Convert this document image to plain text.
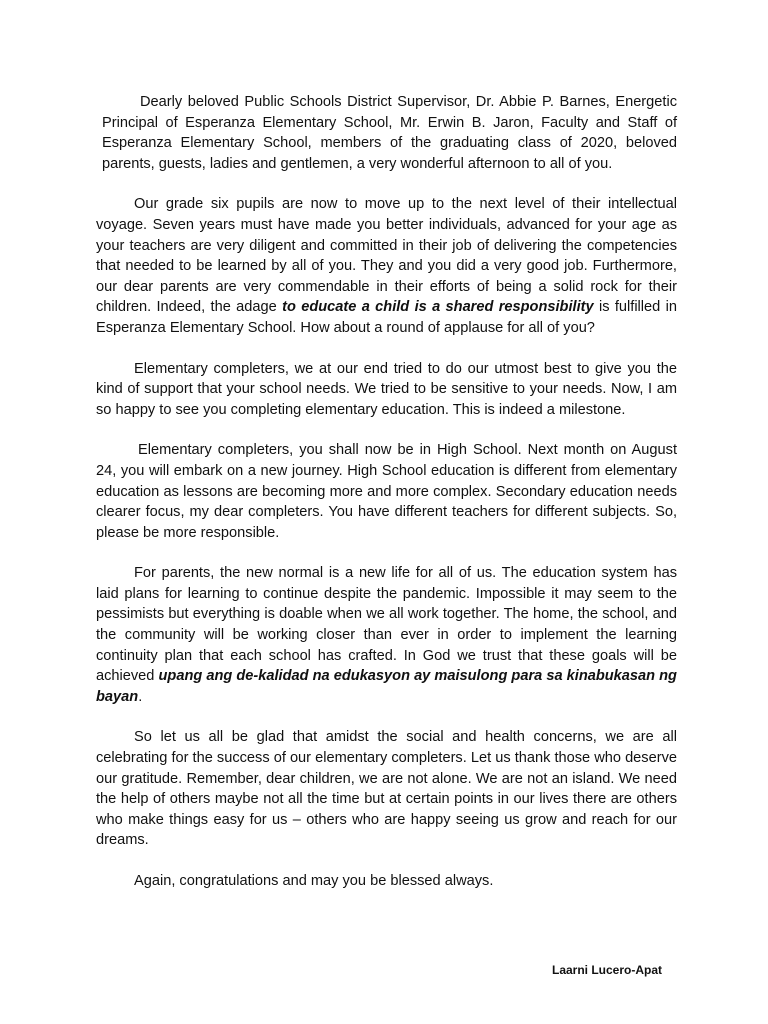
Dearly beloved Public Schools District Supervisor, Dr. Abbie P. Barnes, Energetic Principal of Esperanza Elementary School, Mr. Erwin B. Jaron, Faculty and Staff of Esperanza Elementary School, members of the graduating class of 2020, beloved parents, guests, ladies and gentlemen, a very wonderful afternoon to all of you.

Our grade six pupils are now to move up to the next level of their intellectual voyage. Seven years must have made you better individuals, advanced for your age as your teachers are very diligent and committed in their job of delivering the competencies that needed to be learned by all of you. They and you did a very good job. Furthermore, our dear parents are very commendable in their efforts of being a solid rock for their children. Indeed, the adage to educate a child is a shared responsibility is fulfilled in Esperanza Elementary School. How about a round of applause for all of you?

Elementary completers, we at our end tried to do our utmost best to give you the kind of support that your school needs. We tried to be sensitive to your needs. Now, I am so happy to see you completing elementary education. This is indeed a milestone.

Elementary completers, you shall now be in High School. Next month on August 24, you will embark on a new journey. High School education is different from elementary education as lessons are becoming more and more complex. Secondary education needs clearer focus, my dear completers. You have different teachers for different subjects. So, please be more responsible.

For parents, the new normal is a new life for all of us. The education system has laid plans for learning to continue despite the pandemic. Impossible it may seem to the pessimists but everything is doable when we all work together. The home, the school, and the community will be working closer than ever in order to implement the learning continuity plan that each school has crafted. In God we trust that these goals will be achieved upang ang de-kalidad na edukasyon ay maisulong para sa kinabukasan ng bayan.

So let us all be glad that amidst the social and health concerns, we are all celebrating for the success of our elementary completers. Let us thank those who deserve our gratitude. Remember, dear children, we are not alone. We are not an island. We need the help of others maybe not all the time but at certain points in our lives there are others who make things easy for us – others who are happy seeing us grow and reach for our dreams.

Again, congratulations and may you be blessed always.

Laarni Lucero-Apat
